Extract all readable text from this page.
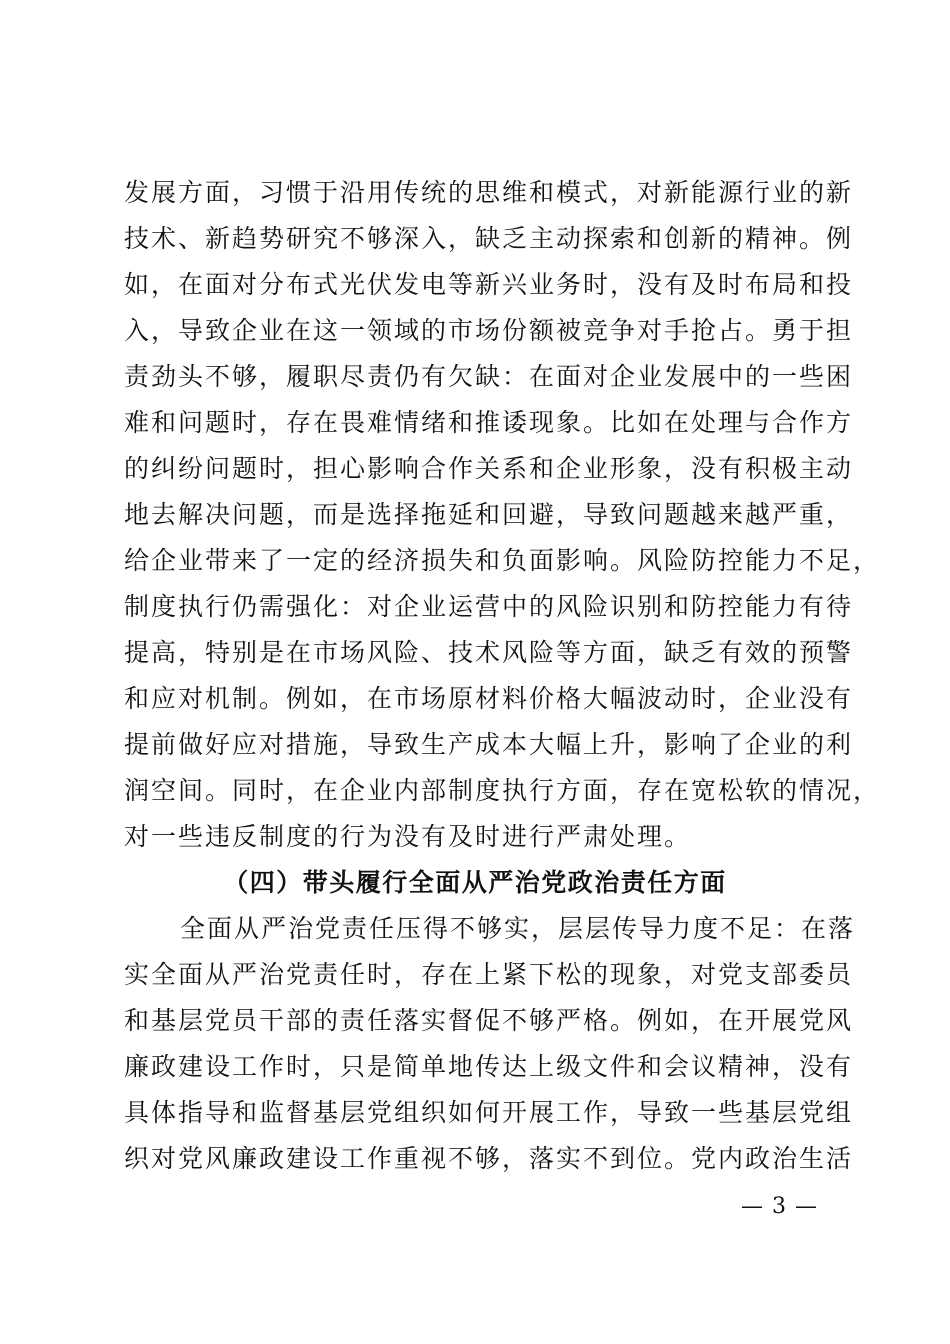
发展方面，习惯于沿用传统的思维和模式，对新能源行业的新
技术、新趋势研究不够深入，缺乏主动探索和创新的精神。例
如，在面对分布式光伏发电等新兴业务时，没有及时布局和投
入，导致企业在这一领域的市场份额被竞争对手抢占。勇于担
责劲头不够，履职尽责仍有欠缺：在面对企业发展中的一些困
难和问题时，存在畏难情绪和推诿现象。比如在处理与合作方
的纠纷问题时，担心影响合作关系和企业形象，没有积极主动
地去解决问题，而是选择拖延和回避，导致问题越来越严重，
给企业带来了一定的经济损失和负面影响。风险防控能力不足，
制度执行仍需强化：对企业运营中的风险识别和防控能力有待
提高，特别是在市场风险、技术风险等方面，缺乏有效的预警
和应对机制。例如，在市场原材料价格大幅波动时，企业没有
提前做好应对措施，导致生产成本大幅上升，影响了企业的利
润空间。同时，在企业内部制度执行方面，存在宽松软的情况，
对一些违反制度的行为没有及时进行严肃处理。
（四）带头履行全面从严治党政治责任方面
全面从严治党责任压得不够实，层层传导力度不足：在落
实全面从严治党责任时，存在上紧下松的现象，对党支部委员
和基层党员干部的责任落实督促不够严格。例如，在开展党风
廉政建设工作时，只是简单地传达上级文件和会议精神，没有
具体指导和监督基层党组织如何开展工作，导致一些基层党组
织对党风廉政建设工作重视不够，落实不到位。党内政治生活
— 3 —
